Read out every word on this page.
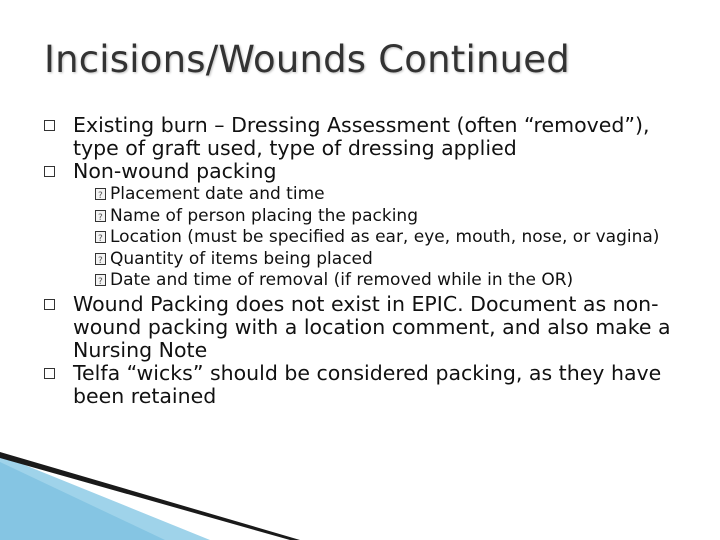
Incisions/Wounds Continued
Existing burn – Dressing Assessment (often “removed”), type of graft used, type of dressing applied
Non-wound packing
?
Placement date and time
?
Name of person placing the packing
?
Location (must be specified as ear, eye, mouth, nose, or vagina)
?
Quantity of items being placed
?
Date and time of removal (if removed while in the OR)
Wound Packing does not exist in EPIC. Document as non-wound packing with a location comment, and also make a Nursing Note
Telfa “wicks” should be considered packing, as they have been retained
